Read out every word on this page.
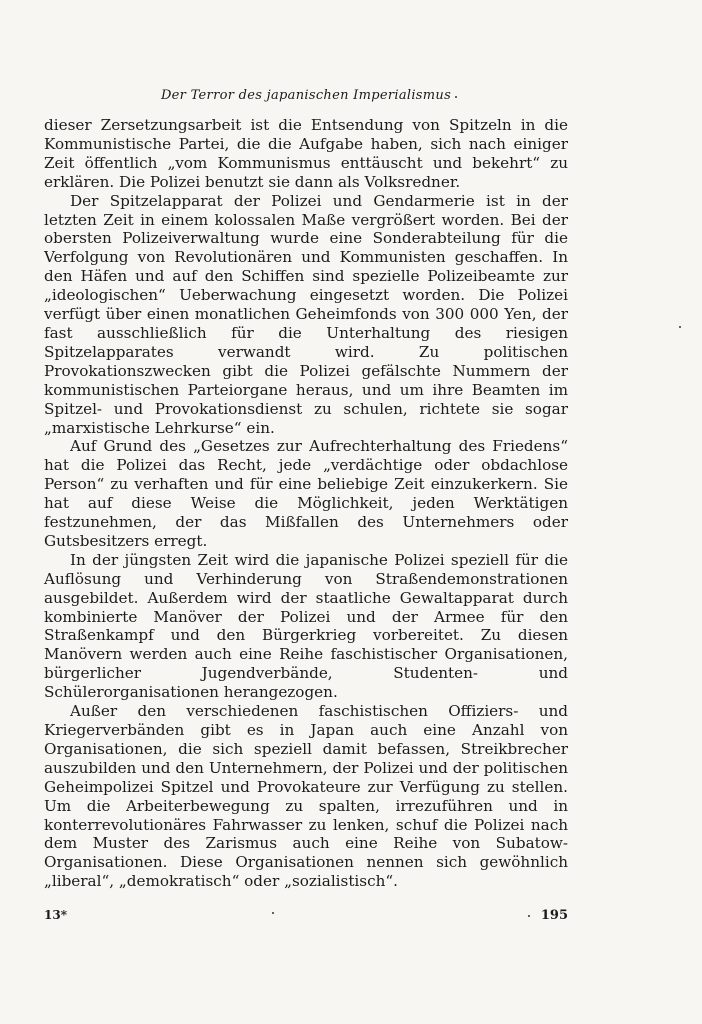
Der Terror des japanischen Imperialismus

dieser Zersetzungsarbeit ist die Entsendung von Spitzeln in die Kommunistische Partei, die die Aufgabe haben, sich nach einiger Zeit öffentlich „vom Kommunismus enttäuscht und bekehrt“ zu erklären. Die Polizei benutzt sie dann als Volksredner.

Der Spitzelapparat der Polizei und Gendarmerie ist in der letzten Zeit in einem kolossalen Maße vergrößert worden. Bei der obersten Polizeiverwaltung wurde eine Sonderabteilung für die Verfolgung von Revolutionären und Kommunisten geschaffen. In den Häfen und auf den Schiffen sind spezielle Polizeibeamte zur „ideologischen“ Ueberwachung eingesetzt worden. Die Polizei verfügt über einen monatlichen Geheimfonds von 300 000 Yen, der fast ausschließlich für die Unterhaltung des riesigen Spitzelapparates verwandt wird. Zu politischen Provokationszwecken gibt die Polizei gefälschte Nummern der kommunistischen Parteiorgane heraus, und um ihre Beamten im Spitzel- und Provokationsdienst zu schulen, richtete sie sogar „marxistische Lehrkurse“ ein.

Auf Grund des „Gesetzes zur Aufrechterhaltung des Friedens“ hat die Polizei das Recht, jede „verdächtige oder obdachlose Person“ zu verhaften und für eine beliebige Zeit einzukerkern. Sie hat auf diese Weise die Möglichkeit, jeden Werktätigen festzunehmen, der das Mißfallen des Unternehmers oder Gutsbesitzers erregt.

In der jüngsten Zeit wird die japanische Polizei speziell für die Auflösung und Verhinderung von Straßendemonstrationen ausgebildet. Außerdem wird der staatliche Gewaltapparat durch kombinierte Manöver der Polizei und der Armee für den Straßenkampf und den Bürgerkrieg vorbereitet. Zu diesen Manövern werden auch eine Reihe faschistischer Organisationen, bürgerlicher Jugendverbände, Studenten- und Schülerorganisationen herangezogen.

Außer den verschiedenen faschistischen Offiziers- und Kriegerverbänden gibt es in Japan auch eine Anzahl von Organisationen, die sich speziell damit befassen, Streikbrecher auszubilden und den Unternehmern, der Polizei und der politischen Geheimpolizei Spitzel und Provokateure zur Verfügung zu stellen. Um die Arbeiterbewegung zu spalten, irrezuführen und in konterrevolutionäres Fahrwasser zu lenken, schuf die Polizei nach dem Muster des Zarismus auch eine Reihe von Subatow-Organisationen. Diese Organisationen nennen sich gewöhnlich „liberal“, „demokratisch“ oder „sozialistisch“.

13*	195
